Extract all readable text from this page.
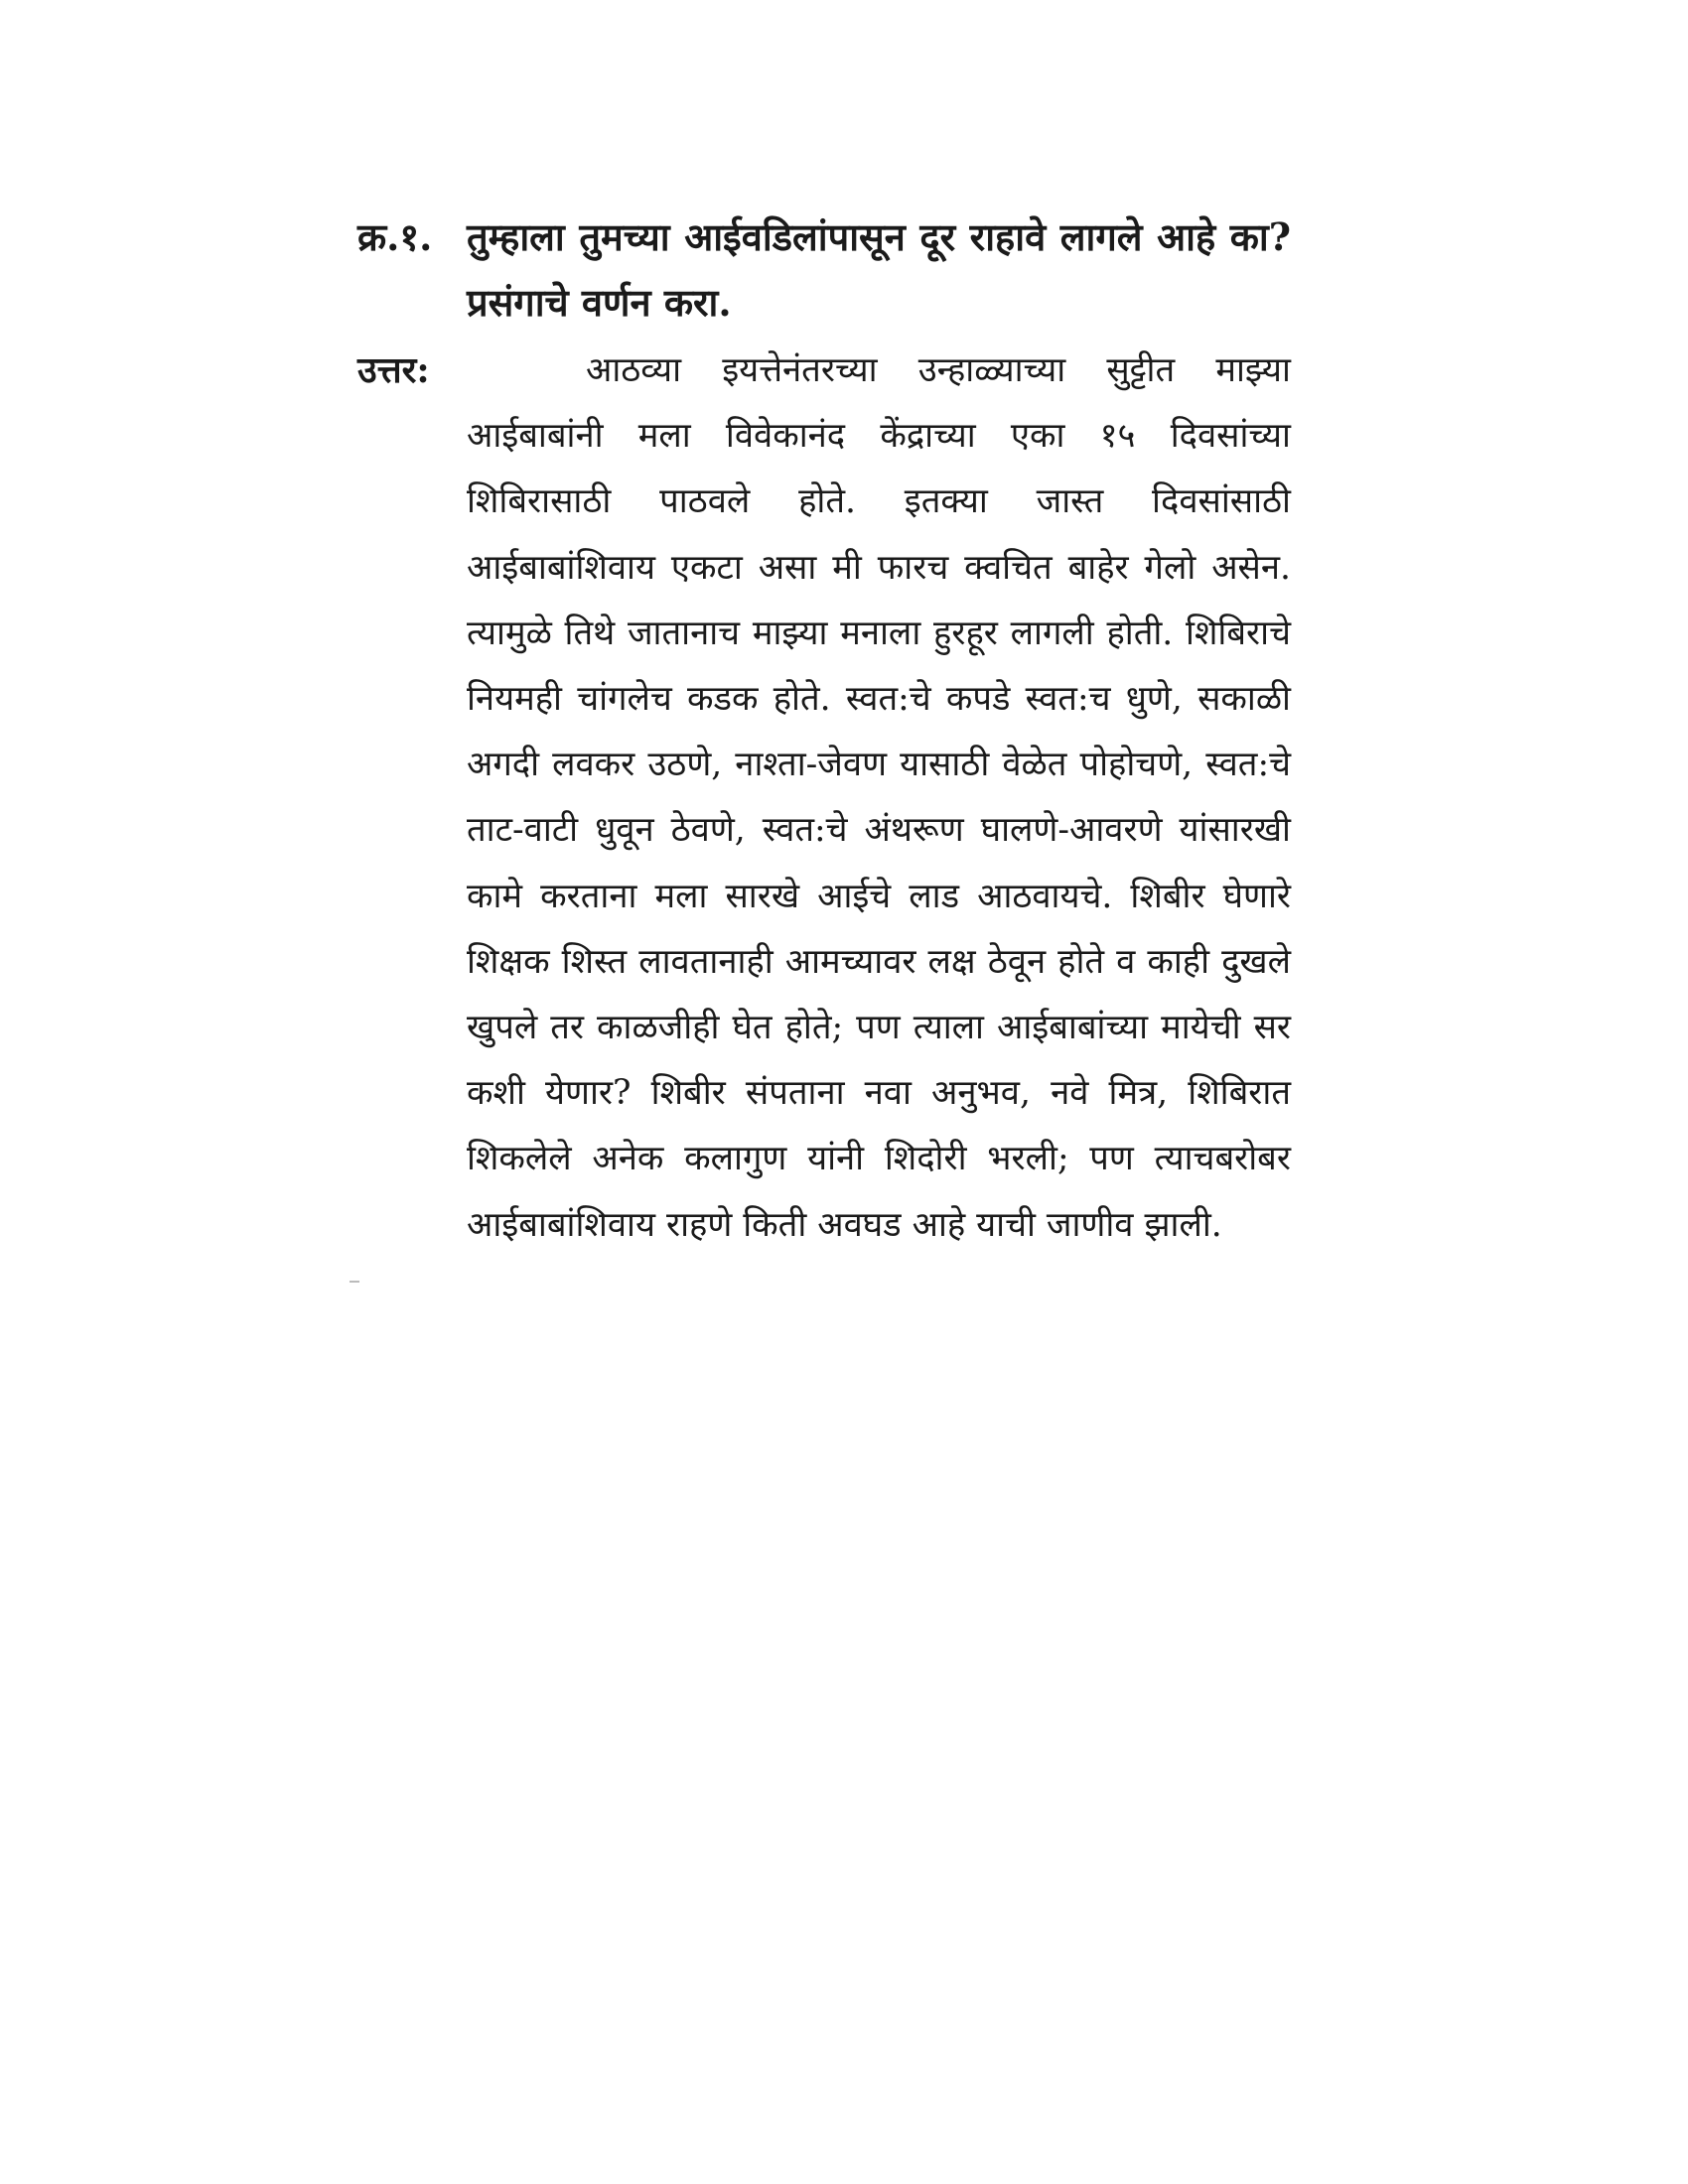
क्र.१. तुम्हाला तुमच्या आईवडिलांपासून दूर राहावे लागले आहे का? प्रसंगाचे वर्णन करा.
उत्तर:	आठव्या इयत्तेनंतरच्या उन्हाळ्याच्या सुट्टीत माझ्या आईबाबांनी मला विवेकानंद केंद्राच्या एका १५ दिवसांच्या शिबिरासाठी पाठवले होते. इतक्या जास्त दिवसांसाठी आईबाबांशिवाय एकटा असा मी फारच क्वचित बाहेर गेलो असेन. त्यामुळे तिथे जातानाच माझ्या मनाला हुरहूर लागली होती. शिबिराचे नियमही चांगलेच कडक होते. स्वत:चे कपडे स्वत:च धुणे, सकाळी अगदी लवकर उठणे, नाश्ता-जेवण यासाठी वेळेत पोहोचणे, स्वत:चे ताट-वाटी धुवून ठेवणे, स्वत:चे अंथरूण घालणे-आवरणे यांसारखी कामे करताना मला सारखे आईचे लाड आठवायचे. शिबीर घेणारे शिक्षक शिस्त लावतानाही आमच्यावर लक्ष ठेवून होते व काही दुखले खुपले तर काळजीही घेत होते; पण त्याला आईबाबांच्या मायेची सर कशी येणार? शिबीर संपताना नवा अनुभव, नवे मित्र, शिबिरात शिकलेले अनेक कलागुण यांनी शिदोरी भरली; पण त्याचबरोबर आईबाबांशिवाय राहणे किती अवघड आहे याची जाणीव झाली.
